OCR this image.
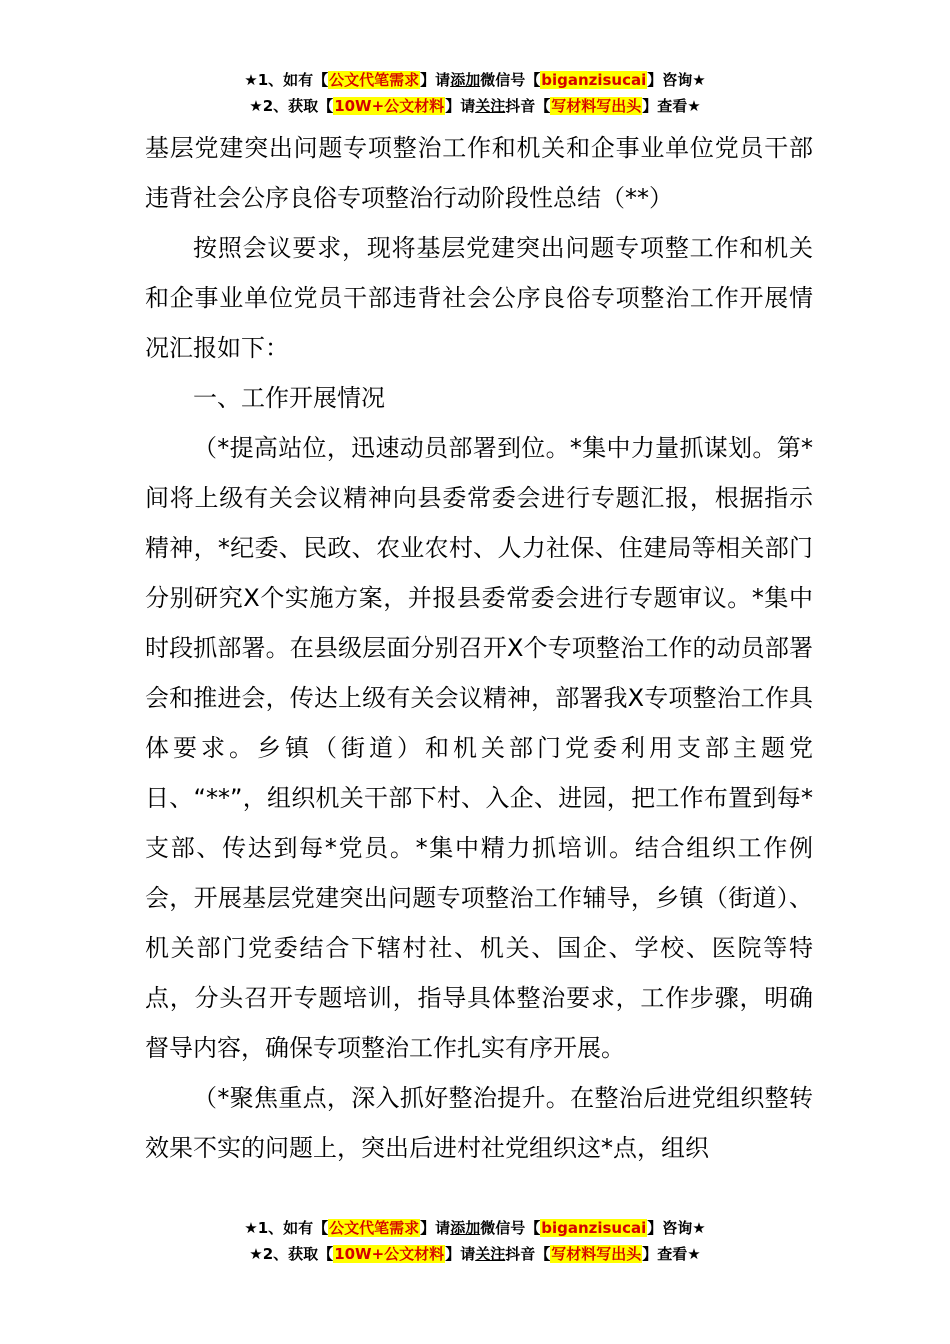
★1、如有【公文代笔需求】请添加微信号【biganzisucai】咨询★
★2、获取【10W+公文材料】请关注抖音【写材料写出头】查看★

基层党建突出问题专项整治工作和机关和企事业单位党员干部违背社会公序良俗专项整治行动阶段性总结（**）

按照会议要求，现将基层党建突出问题专项整工作和机关和企事业单位党员干部违背社会公序良俗专项整治工作开展情况汇报如下：

一、工作开展情况

（*提高站位，迅速动员部署到位。*集中力量抓谋划。第*间将上级有关会议精神向县委常委会进行专题汇报，根据指示精神，*纪委、民政、农业农村、人力社保、住建局等相关部门分别研究X个实施方案，并报县委常委会进行专题审议。*集中时段抓部署。在县级层面分别召开X个专项整治工作的动员部署会和推进会，传达上级有关会议精神，部署我X专项整治工作具体要求。乡镇（街道）和机关部门党委利用支部主题党日、“**”，组织机关干部下村、入企、进园，把工作布置到每*支部、传达到每*党员。*集中精力抓培训。结合组织工作例会，开展基层党建突出问题专项整治工作辅导，乡镇（街道）、机关部门党委结合下辖村社、机关、国企、学校、医院等特点，分头召开专题培训，指导具体整治要求，工作步骤，明确督导内容，确保专项整治工作扎实有序开展。

（*聚焦重点，深入抓好整治提升。在整治后进党组织整转效果不实的问题上，突出后进村社党组织这*点，组织

★1、如有【公文代笔需求】请添加微信号【biganzisucai】咨询★
★2、获取【10W+公文材料】请关注抖音【写材料写出头】查看★
